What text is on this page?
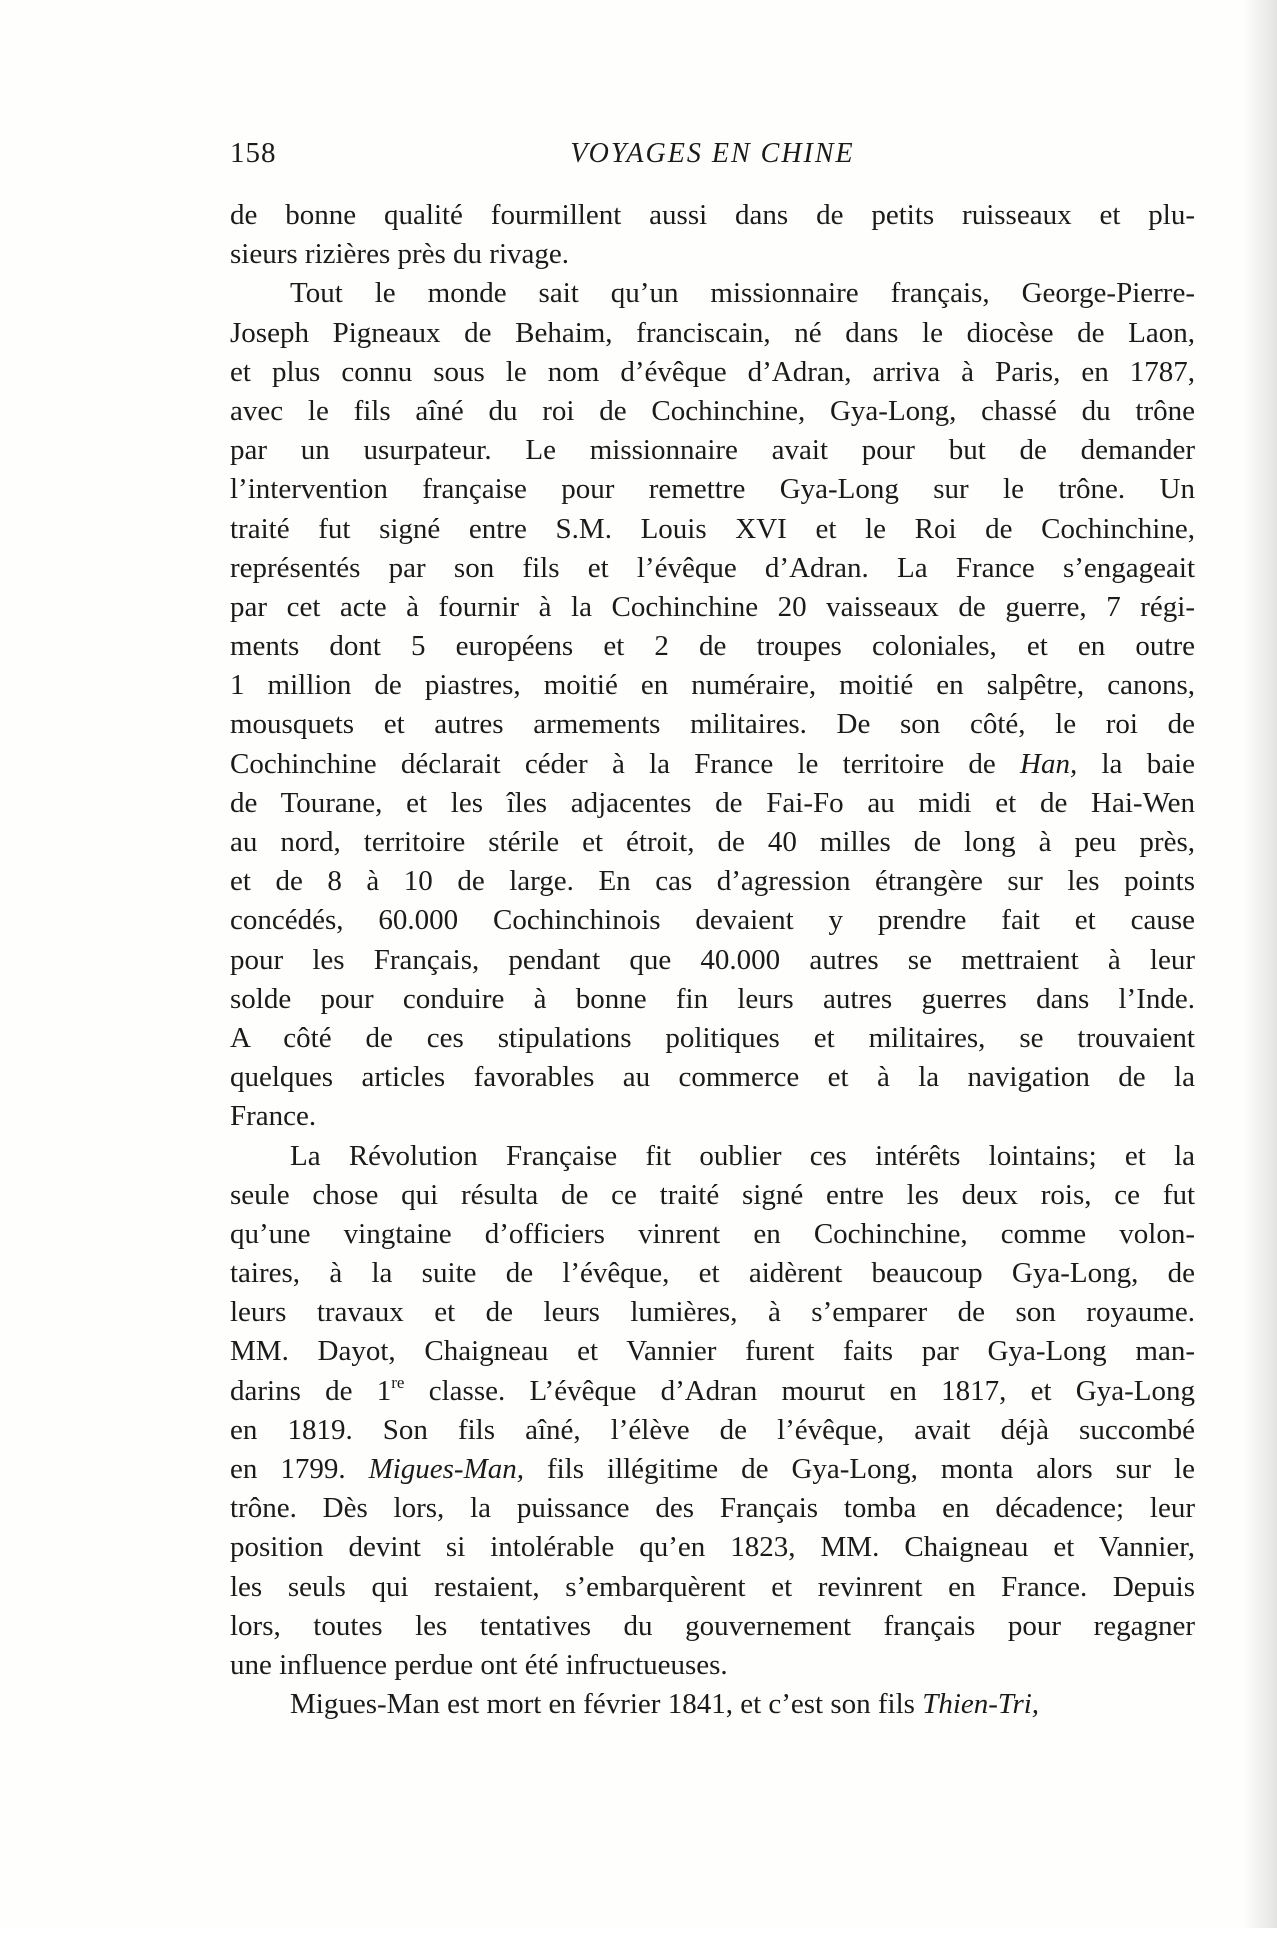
158	VOYAGES EN CHINE
de bonne qualité fourmillent aussi dans de petits ruisseaux et plu-
sieurs rizières près du rivage.
Tout le monde sait qu’un missionnaire français, George-Pierre-
Joseph Pigneaux de Behaim, franciscain, né dans le diocèse de Laon,
et plus connu sous le nom d’évêque d’Adran, arriva à Paris, en 1787,
avec le fils aîné du roi de Cochinchine, Gya-Long, chassé du trône
par un usurpateur. Le missionnaire avait pour but de demander
l’intervention française pour remettre Gya-Long sur le trône. Un
traité fut signé entre S.M. Louis XVI et le Roi de Cochinchine,
représentés par son fils et l’évêque d’Adran. La France s’engageait
par cet acte à fournir à la Cochinchine 20 vaisseaux de guerre, 7 régi-
ments dont 5 européens et 2 de troupes coloniales, et en outre
1 million de piastres, moitié en numéraire, moitié en salpêtre, canons,
mousquets et autres armements militaires. De son côté, le roi de
Cochinchine déclarait céder à la France le territoire de Han, la baie
de Tourane, et les îles adjacentes de Fai-Fo au midi et de Hai-Wen
au nord, territoire stérile et étroit, de 40 milles de long à peu près,
et de 8 à 10 de large. En cas d’agression étrangère sur les points
concédés, 60.000 Cochinchinois devaient y prendre fait et cause
pour les Français, pendant que 40.000 autres se mettraient à leur
solde pour conduire à bonne fin leurs autres guerres dans l’Inde.
A côté de ces stipulations politiques et militaires, se trouvaient
quelques articles favorables au commerce et à la navigation de la
France.
La Révolution Française fit oublier ces intérêts lointains; et la
seule chose qui résulta de ce traité signé entre les deux rois, ce fut
qu’une vingtaine d’officiers vinrent en Cochinchine, comme volon-
taires, à la suite de l’évêque, et aidèrent beaucoup Gya-Long, de
leurs travaux et de leurs lumières, à s’emparer de son royaume.
MM. Dayot, Chaigneau et Vannier furent faits par Gya-Long man-
darins de 1re classe. L’évêque d’Adran mourut en 1817, et Gya-Long
en 1819. Son fils aîné, l’élève de l’évêque, avait déjà succombé
en 1799. Migues-Man, fils illégitime de Gya-Long, monta alors sur le
trône. Dès lors, la puissance des Français tomba en décadence; leur
position devint si intolérable qu’en 1823, MM. Chaigneau et Vannier,
les seuls qui restaient, s’embarquèrent et revinrent en France. Depuis
lors, toutes les tentatives du gouvernement français pour regagner
une influence perdue ont été infructueuses.
Migues-Man est mort en février 1841, et c’est son fils Thien-Tri,
